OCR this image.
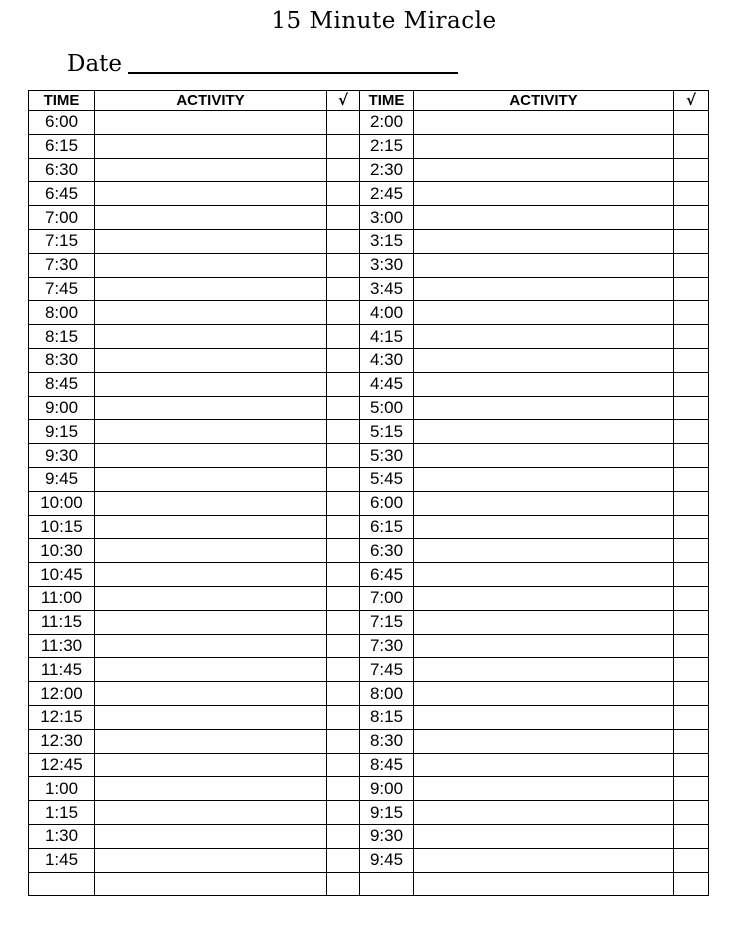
15 Minute Miracle
Date
TIME	ACTIVITY	√	TIME	ACTIVITY	√
6:00			2:00		
6:15			2:15		
6:30			2:30		
6:45			2:45		
7:00			3:00		
7:15			3:15		
7:30			3:30		
7:45			3:45		
8:00			4:00		
8:15			4:15		
8:30			4:30		
8:45			4:45		
9:00			5:00		
9:15			5:15		
9:30			5:30		
9:45			5:45		
10:00			6:00		
10:15			6:15		
10:30			6:30		
10:45			6:45		
11:00			7:00		
11:15			7:15		
11:30			7:30		
11:45			7:45		
12:00			8:00		
12:15			8:15		
12:30			8:30		
12:45			8:45		
1:00			9:00		
1:15			9:15		
1:30			9:30		
1:45			9:45		
